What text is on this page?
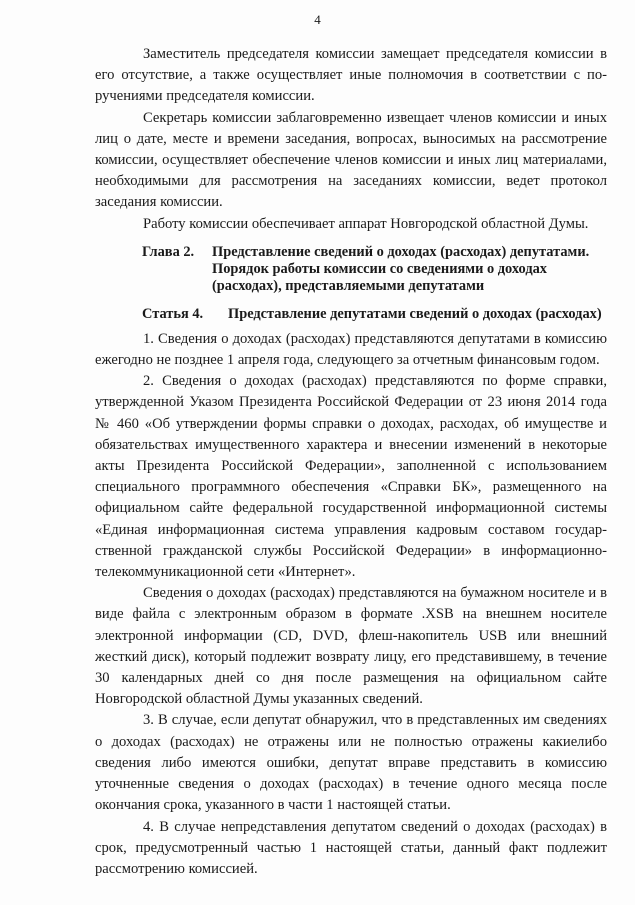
4

Заместитель председателя комиссии замещает председателя комиссии в его отсутствие, а также осуществляет иные полномочия в соответствии с поручениями председателя комиссии.

Секретарь комиссии заблаговременно извещает членов комиссии и иных лиц о дате, месте и времени заседания, вопросах, выносимых на рассмотрение комиссии, осуществляет обеспечение членов комиссии и иных лиц материалами, необходимыми для рассмотрения на заседаниях комиссии, ведет протокол заседания комиссии.

Работу комиссии обеспечивает аппарат Новгородской областной Думы.

Глава 2.	Представление сведений о доходах (расходах) депутатами. Порядок работы комиссии со сведениями о доходах (расходах), представляемыми депутатами
Статья 4.	Представление депутатами сведений о доходах (расходах)

1. Сведения о доходах (расходах) представляются депутатами в комиссию ежегодно не позднее 1 апреля года, следующего за отчетным финансовым годом.

2. Сведения о доходах (расходах) представляются по форме справки, утвержденной Указом Президента Российской Федерации от 23 июня 2014 года № 460 «Об утверждении формы справки о доходах, расходах, об имуществе и обязательствах имущественного характера и внесении изменений в некоторые акты Президента Российской Федерации», заполненной с использованием специального программного обеспечения «Справки БК», размещенного на официальном сайте федеральной государственной информационной системы «Единая информационная система управления кадровым составом государственной гражданской службы Российской Федерации» в информационнотелекоммуникационной сети «Интернет».

Сведения о доходах (расходах) представляются на бумажном носителе и в виде файла с электронным образом в формате .XSB на внешнем носителе электронной информации (CD, DVD, флеш-накопитель USB или внешний жесткий диск), который подлежит возврату лицу, его представившему, в течение 30 календарных дней со дня после размещения на официальном сайте Новгородской областной Думы указанных сведений.

3. В случае, если депутат обнаружил, что в представленных им сведениях о доходах (расходах) не отражены или не полностью отражены какиелибо сведения либо имеются ошибки, депутат вправе представить в комиссию уточненные сведения о доходах (расходах) в течение одного месяца после окончания срока, указанного в части 1 настоящей статьи.

4. В случае непредставления депутатом сведений о доходах (расходах) в срок, предусмотренный частью 1 настоящей статьи, данный факт подлежит рассмотрению комиссией.
